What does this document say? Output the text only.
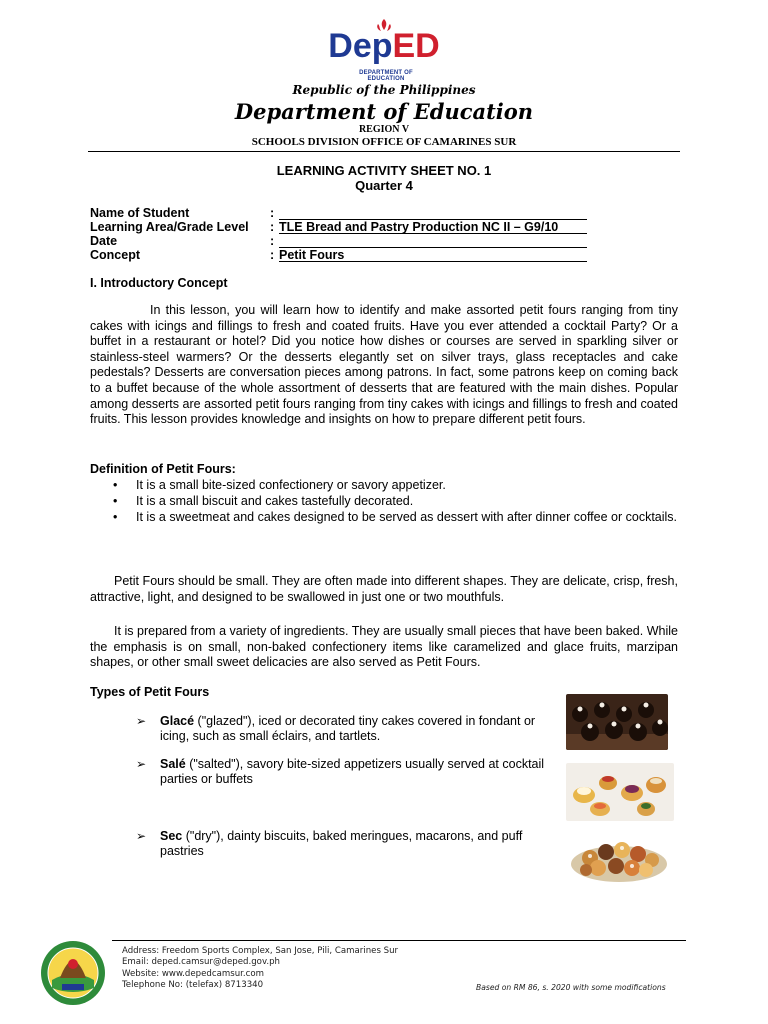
DepED
DEPARTMENT OF EDUCATION
Republic of the Philippines
Department of Education
REGION V
SCHOOLS DIVISION OFFICE OF CAMARINES SUR
LEARNING ACTIVITY SHEET NO. 1
Quarter 4
Name of Student	:
Learning Area/Grade Level : TLE Bread and Pastry Production NC II – G9/10
Date	:
Concept	: Petit Fours
I. Introductory Concept

In this lesson, you will learn how to identify and make assorted petit fours ranging from tiny cakes with icings and fillings to fresh and coated fruits. Have you ever attended a cocktail Party? Or a buffet in a restaurant or hotel? Did you notice how dishes or courses are served in sparkling silver or stainless-steel warmers? Or the desserts elegantly set on silver trays, glass receptacles and cake pedestals? Desserts are conversation pieces among patrons. In fact, some patrons keep on coming back to a buffet because of the whole assortment of desserts that are featured with the main dishes. Popular among desserts are assorted petit fours ranging from tiny cakes with icings and fillings to fresh and coated fruits. This lesson provides knowledge and insights on how to prepare different petit fours.

Definition of Petit Fours:
• It is a small bite-sized confectionery or savory appetizer.
• It is a small biscuit and cakes tastefully decorated.
• It is a sweetmeat and cakes designed to be served as dessert with after dinner coffee or cocktails.

Petit Fours should be small. They are often made into different shapes. They are delicate, crisp, fresh, attractive, light, and designed to be swallowed in just one or two mouthfuls.

It is prepared from a variety of ingredients. They are usually small pieces that have been baked. While the emphasis is on small, non-baked confectionery items like caramelized and glace fruits, marzipan shapes, or other small sweet delicacies are also served as Petit Fours.

Types of Petit Fours
➢	Glacé ("glazed"), iced or decorated tiny cakes covered in fondant or icing, such as small éclairs, and tartlets.
➢	Salé ("salted"), savory bite-sized appetizers usually served at cocktail parties or buffets
➢	Sec ("dry"), dainty biscuits, baked meringues, macarons, and puff pastries
Address: Freedom Sports Complex, San Jose, Pili, Camarines Sur
Email: deped.camsur@deped.gov.ph
Website: www.depedcamsur.com
Telephone No: (telefax) 8713340	Based on RM 86, s. 2020 with some modifications
